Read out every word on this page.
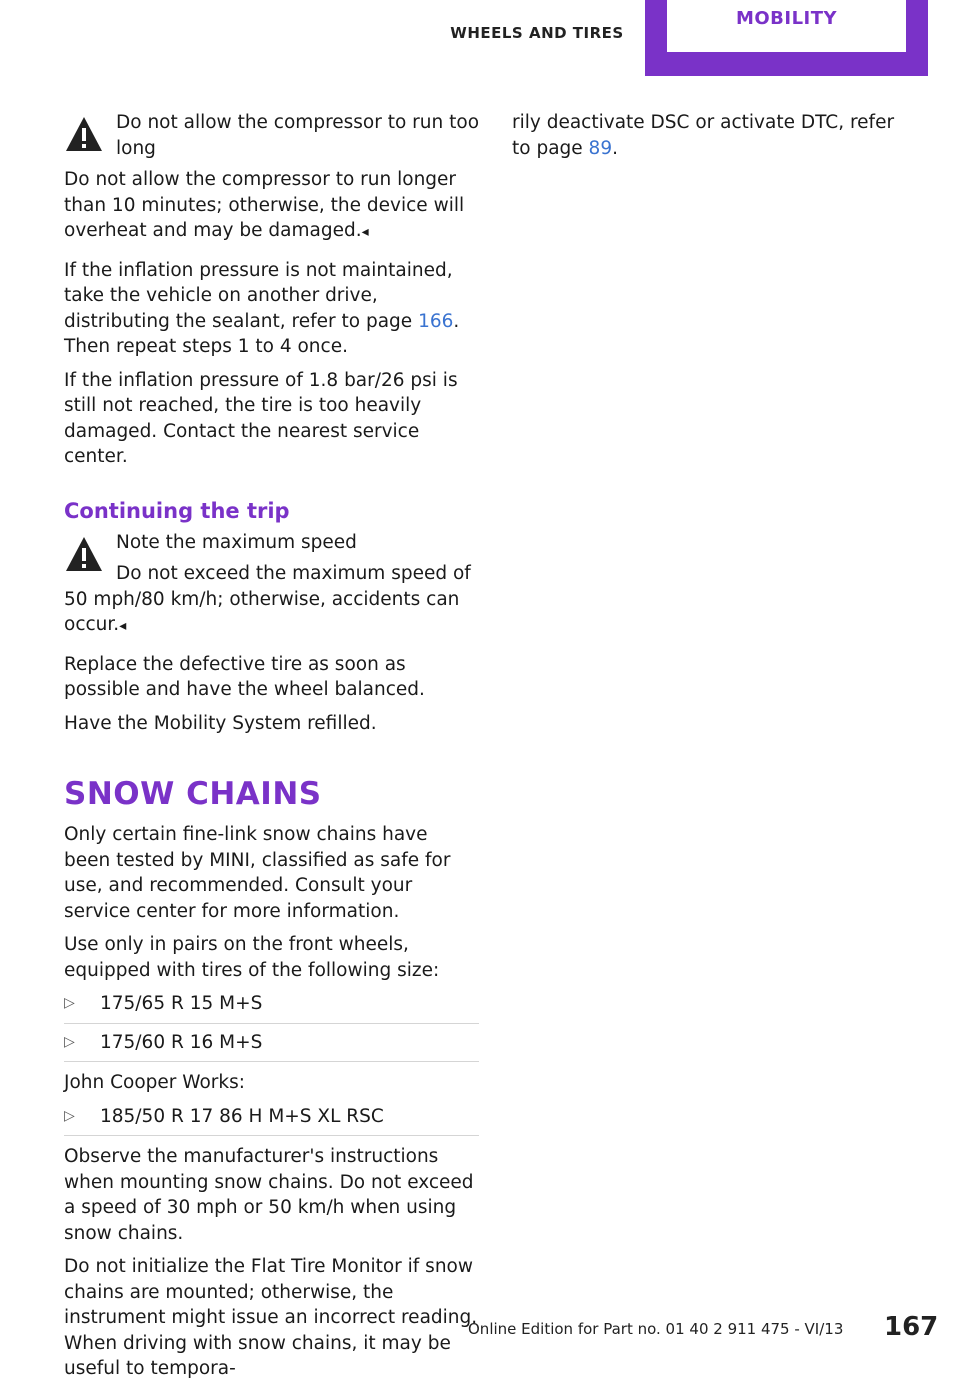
WHEELS AND TIRES
MOBILITY
Do not allow the compressor to run too long

Do not allow the compressor to run longer than 10 minutes; otherwise, the device will overheat and may be damaged.◂

If the inflation pressure is not maintained, take the vehicle on another drive, distributing the sealant, refer to page 166. Then repeat steps 1 to 4 once.

If the inflation pressure of 1.8 bar/26 psi is still not reached, the tire is too heavily damaged. Contact the nearest service center.

Continuing the trip
Note the maximum speed
Do not exceed the maximum speed of

50 mph/80 km/h; otherwise, accidents can occur.◂

Replace the defective tire as soon as possible and have the wheel balanced.

Have the Mobility System refilled.

SNOW CHAINS

Only certain fine-link snow chains have been tested by MINI, classified as safe for use, and recommended. Consult your service center for more information.

Use only in pairs on the front wheels, equipped with tires of the following size:

▷ 175/65 R 15 M+S
▷ 175/60 R 16 M+S

John Cooper Works:

▷ 185/50 R 17 86 H M+S XL RSC

Observe the manufacturer's instructions when mounting snow chains. Do not exceed a speed of 30 mph or 50 km/h when using snow chains.

Do not initialize the Flat Tire Monitor if snow chains are mounted; otherwise, the instrument might issue an incorrect reading. When driving with snow chains, it may be useful to tempora-

rily deactivate DSC or activate DTC, refer to page 89.

Online Edition for Part no. 01 40 2 911 475 - VI/13 167
